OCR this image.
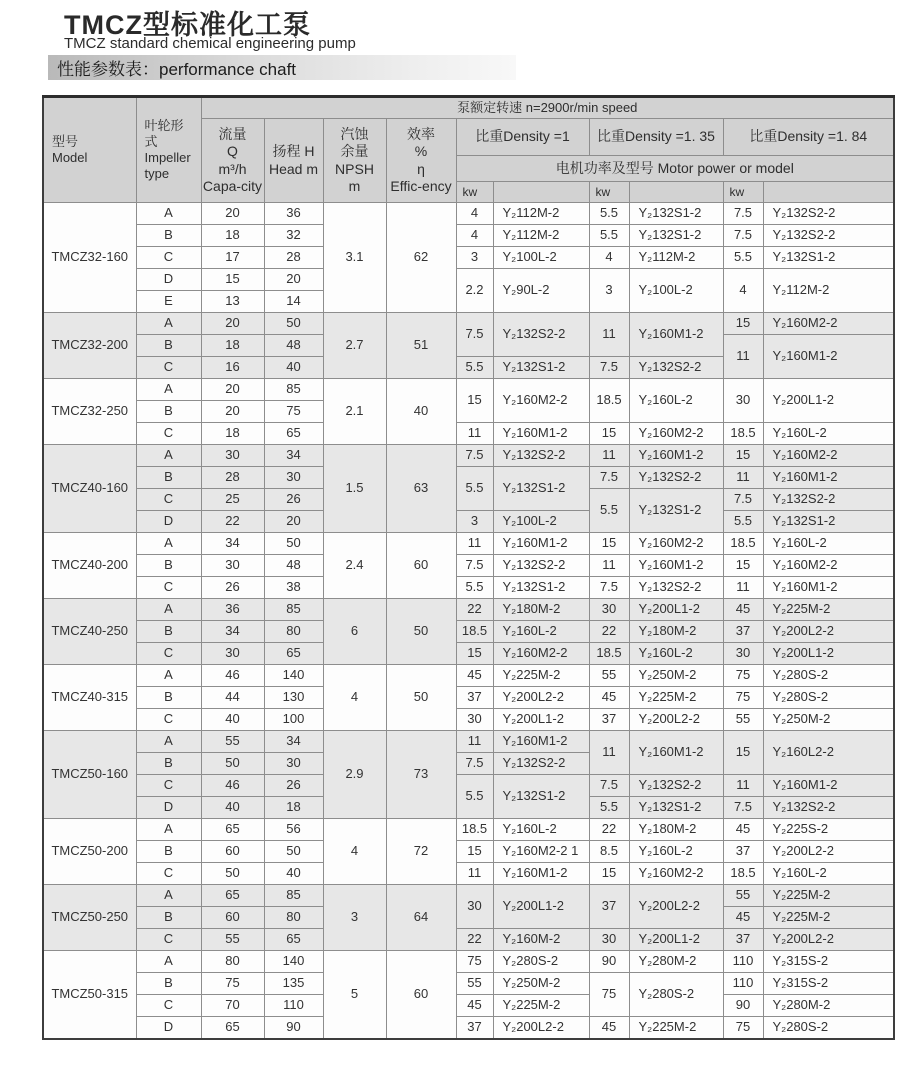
TMCZ型标准化工泵
TMCZ standard chemical engineering pump
性能参数表：performance chaft
型号
Model

叶轮形式
Impeller type
	泵额定转速 n=2900r/min speed

流量
Q
m³/h
Capa-city

扬程 H
Head m

汽蚀
余量
NPSH
m

效率
%
η
Effic-ency
	比重Density =1	比重Density =1. 35	比重Density =1. 84
						电机功率及型号 Motor power or model					
						kw		kw		kw	
TMCZ32-160	A	20	36	3.1	62	4	Y₂112M-2	5.5	Y₂132S1-2	7.5	Y₂132S2-2
	B	18	32			4	Y₂112M-2	5.5	Y₂132S1-2	7.5	Y₂132S2-2
	C	17	28			3	Y₂100L-2	4	Y₂112M-2	5.5	Y₂132S1-2
	D	15	20			2.2	Y₂90L-2	3	Y₂100L-2	4	Y₂112M-2
	E	13	14								
TMCZ32-200	A	20	50	2.7	51	7.5	Y₂132S2-2	11	Y₂160M1-2	15	Y₂160M2-2
	B	18	48							11	Y₂160M1-2
	C	16	40			5.5	Y₂132S1-2	7.5	Y₂132S2-2		
TMCZ32-250	A	20	85	2.1	40	15	Y₂160M2-2	18.5	Y₂160L-2	30	Y₂200L1-2
	B	20	75								
	C	18	65			11	Y₂160M1-2	15	Y₂160M2-2	18.5	Y₂160L-2
TMCZ40-160	A	30	34	1.5	63	7.5	Y₂132S2-2	11	Y₂160M1-2	15	Y₂160M2-2
	B	28	30			5.5	Y₂132S1-2	7.5	Y₂132S2-2	11	Y₂160M1-2
	C	25	26					5.5	Y₂132S1-2	7.5	Y₂132S2-2
	D	22	20			3	Y₂100L-2			5.5	Y₂132S1-2
TMCZ40-200	A	34	50	2.4	60	11	Y₂160M1-2	15	Y₂160M2-2	18.5	Y₂160L-2
	B	30	48			7.5	Y₂132S2-2	11	Y₂160M1-2	15	Y₂160M2-2
	C	26	38			5.5	Y₂132S1-2	7.5	Y₂132S2-2	11	Y₂160M1-2
TMCZ40-250	A	36	85	6	50	22	Y₂180M-2	30	Y₂200L1-2	45	Y₂225M-2
	B	34	80			18.5	Y₂160L-2	22	Y₂180M-2	37	Y₂200L2-2
	C	30	65			15	Y₂160M2-2	18.5	Y₂160L-2	30	Y₂200L1-2
TMCZ40-315	A	46	140	4	50	45	Y₂225M-2	55	Y₂250M-2	75	Y₂280S-2
	B	44	130			37	Y₂200L2-2	45	Y₂225M-2	75	Y₂280S-2
	C	40	100			30	Y₂200L1-2	37	Y₂200L2-2	55	Y₂250M-2
TMCZ50-160	A	55	34	2.9	73	11	Y₂160M1-2	11	Y₂160M1-2	15	Y₂160L2-2
	B	50	30			7.5	Y₂132S2-2				
	C	46	26			5.5	Y₂132S1-2	7.5	Y₂132S2-2	11	Y₂160M1-2
	D	40	18					5.5	Y₂132S1-2	7.5	Y₂132S2-2
TMCZ50-200	A	65	56	4	72	18.5	Y₂160L-2	22	Y₂180M-2	45	Y₂225S-2
	B	60	50			15	Y₂160M2-2 1	8.5	Y₂160L-2	37	Y₂200L2-2
	C	50	40			11	Y₂160M1-2	15	Y₂160M2-2	18.5	Y₂160L-2
TMCZ50-250	A	65	85	3	64	30	Y₂200L1-2	37	Y₂200L2-2	55	Y₂225M-2
	B	60	80							45	Y₂225M-2
	C	55	65			22	Y₂160M-2	30	Y₂200L1-2	37	Y₂200L2-2
TMCZ50-315	A	80	140	5	60	75	Y₂280S-2	90	Y₂280M-2	110	Y₂315S-2
	B	75	135			55	Y₂250M-2	75	Y₂280S-2	110	Y₂315S-2
	C	70	110			45	Y₂225M-2			90	Y₂280M-2
	D	65	90			37	Y₂200L2-2	45	Y₂225M-2	75	Y₂280S-2
